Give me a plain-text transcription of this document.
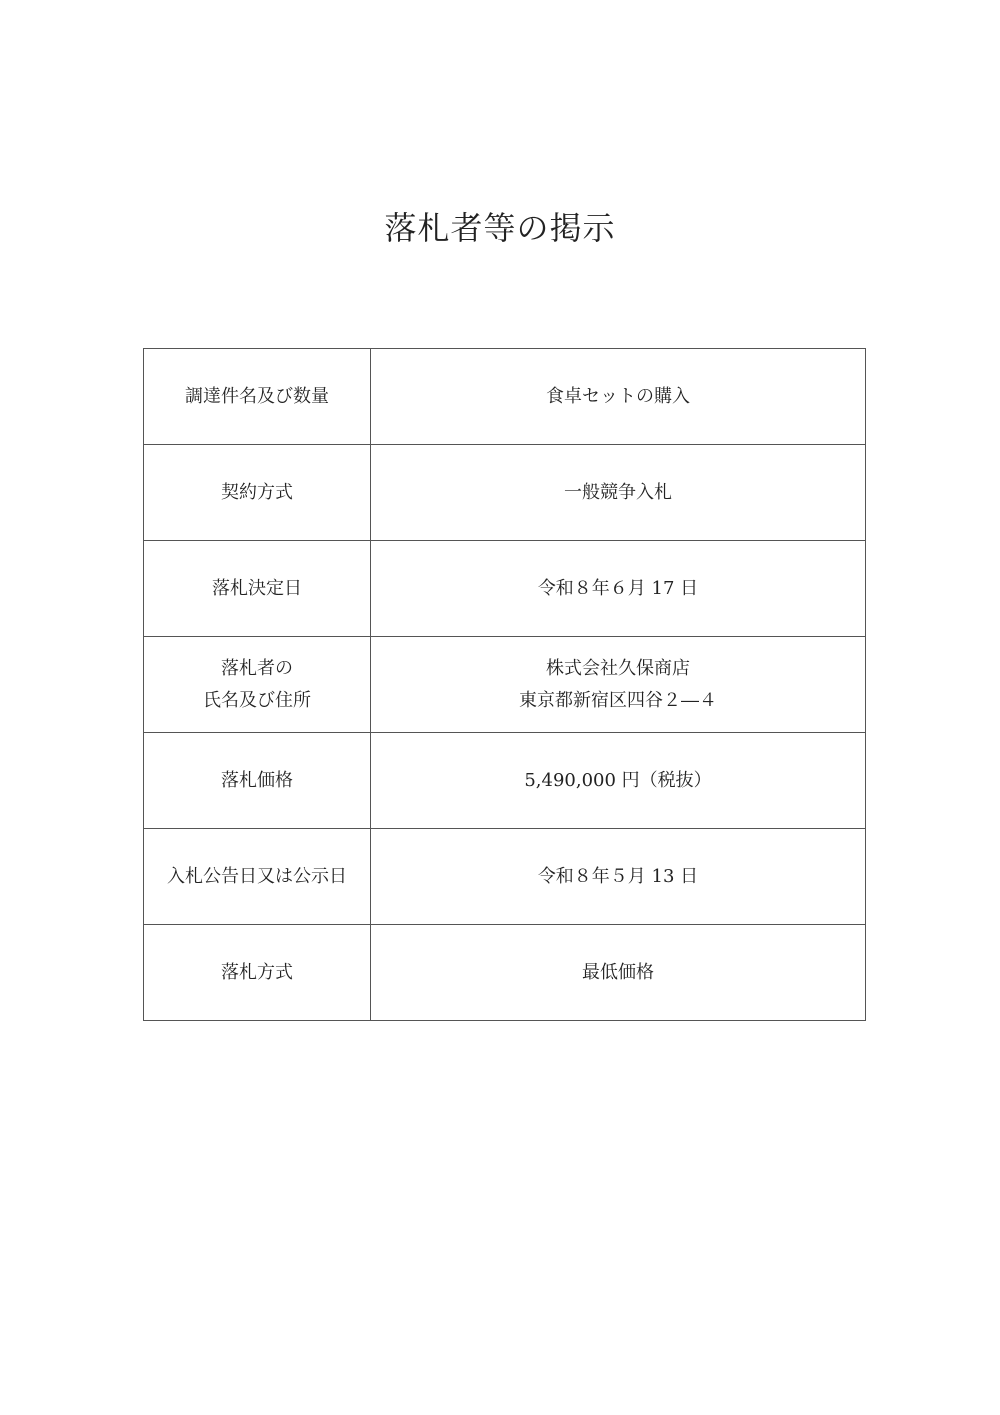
落札者等の掲示
調達件名及び数量	食卓セットの購入

契約方式	一般競争入札

落札決定日	令和８年６月 17 日

落札者の
氏名及び住所	株式会社久保商店
東京都新宿区四谷２―４

落札価格	5,490,000 円（税抜）

入札公告日又は公示日	令和８年５月 13 日

落札方式	最低価格
